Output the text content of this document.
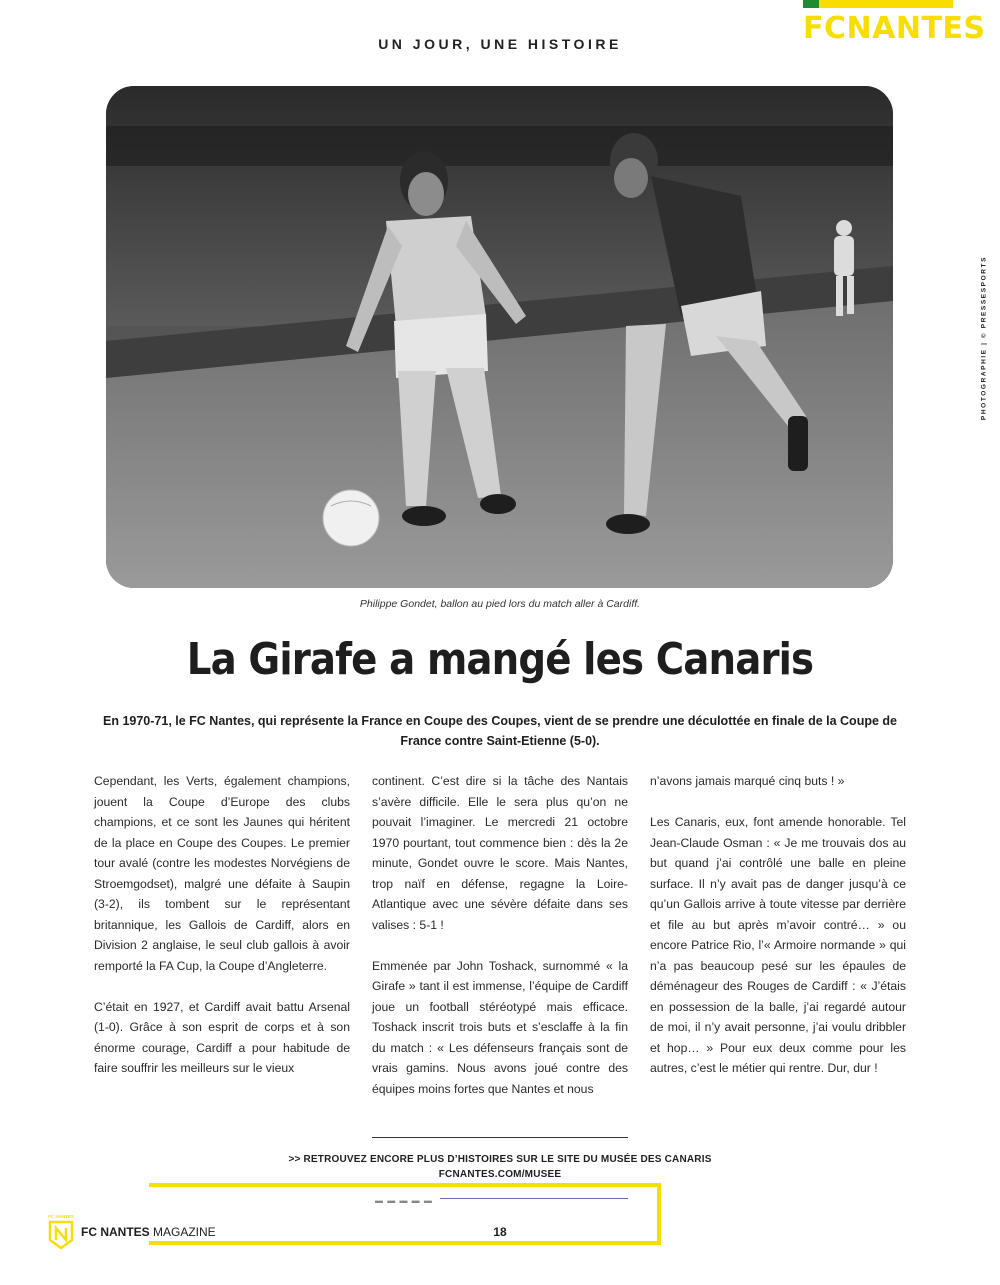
FCNANTES
UN JOUR, UNE HISTOIRE
PHOTOGRAPHIE | © PRESSESPORTS
Philippe Gondet, ballon au pied lors du match aller à Cardiff.
La Girafe a mangé les Canaris
En 1970-71, le FC Nantes, qui représente la France en Coupe des Coupes, vient de se prendre une déculottée en finale de la Coupe de France contre Saint-Etienne (5-0).

Cependant, les Verts, également champions, jouent la Coupe d’Europe des clubs champions, et ce sont les Jaunes qui héritent de la place en Coupe des Coupes. Le premier tour avalé (contre les modestes Norvégiens de Stroemgodset), malgré une défaite à Saupin (3-2), ils tombent sur le représentant britannique, les Gallois de Cardiff, alors en Division 2 anglaise, le seul club gallois à avoir remporté la FA Cup, la Coupe d’Angleterre.

C’était en 1927, et Cardiff avait battu Arsenal (1-0). Grâce à son esprit de corps et à son énorme courage, Cardiff a pour habitude de faire souffrir les meilleurs sur le vieux

continent. C’est dire si la tâche des Nantais s’avère difficile. Elle le sera plus qu’on ne pouvait l’imaginer. Le mercredi 21 octobre 1970 pourtant, tout commence bien : dès la 2e minute, Gondet ouvre le score. Mais Nantes, trop naïf en défense, regagne la Loire-Atlantique avec une sévère défaite dans ses valises : 5-1 !

Emmenée par John Toshack, surnommé « la Girafe » tant il est immense, l’équipe de Cardiff joue un football stéréotypé mais efficace. Toshack inscrit trois buts et s’esclaffe à la fin du match : « Les défenseurs français sont de vrais gamins. Nous avons joué contre des équipes moins fortes que Nantes et nous

n’avons jamais marqué cinq buts ! »

Les Canaris, eux, font amende honorable. Tel Jean-Claude Osman : « Je me trouvais dos au but quand j’ai contrôlé une balle en pleine surface. Il n’y avait pas de danger jusqu’à ce qu’un Gallois arrive à toute vitesse par derrière et file au but après m’avoir contré… » ou encore Patrice Rio, l’« Armoire normande » qui n’a pas beaucoup pesé sur les épaules de déménageur des Rouges de Cardiff : « J’étais en possession de la balle, j’ai regardé autour de moi, il n’y avait personne, j’ai voulu dribbler et hop… » Pour eux deux comme pour les autres, c’est le métier qui rentre. Dur, dur !

>> RETROUVEZ ENCORE PLUS D’HISTOIRES SUR LE SITE DU MUSÉE DES CANARIS
FCNANTES.COM/MUSEE
▬ ▬ ▬ ▬ ▬
FC NANTES
FC NANTES MAGAZINE	18
